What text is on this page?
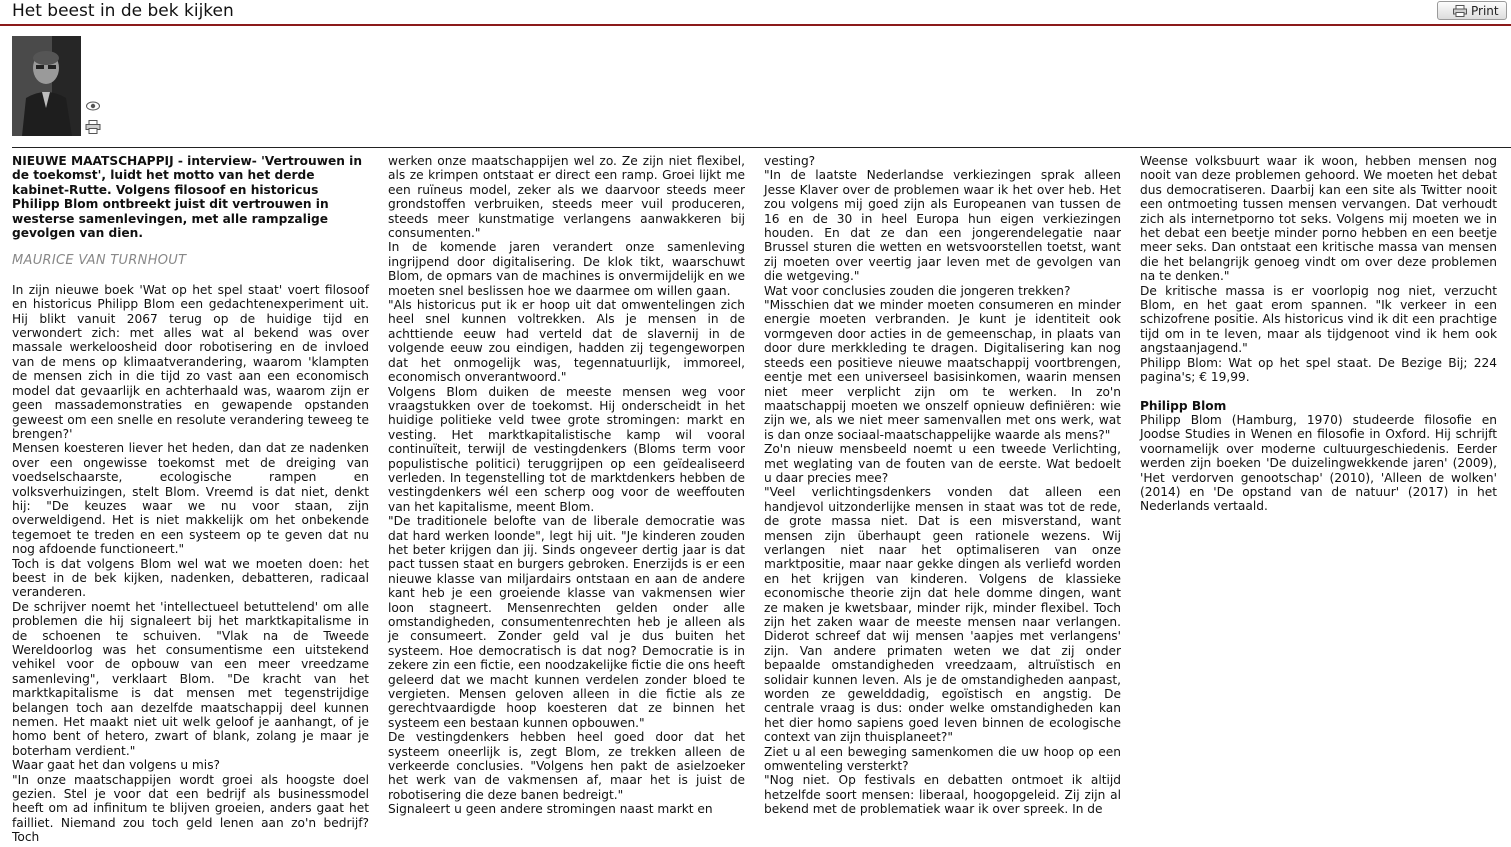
Het beest in de bek kijken	Print

NIEUWE MAATSCHAPPIJ - interview- 'Vertrouwen in de toekomst', luidt het motto van het derde kabinet-Rutte. Volgens filosoof en historicus Philipp Blom ontbreekt juist dit vertrouwen in westerse samenlevingen, met alle rampzalige gevolgen van dien.

MAURICE VAN TURNHOUT

In zijn nieuwe boek 'Wat op het spel staat' voert filosoof en historicus Philipp Blom een gedachtenexperiment uit. Hij blikt vanuit 2067 terug op de huidige tijd en verwondert zich: met alles wat al bekend was over massale werkeloosheid door robotisering en de invloed van de mens op klimaatverandering, waarom 'klampten de mensen zich in die tijd zo vast aan een economisch model dat gevaarlijk en achterhaald was, waarom zijn er geen massademonstraties en gewapende opstanden geweest om een snelle en resolute verandering teweeg te brengen?'

Mensen koesteren liever het heden, dan dat ze nadenken over een ongewisse toekomst met de dreiging van voedselschaarste, ecologische rampen en volksverhuizingen, stelt Blom. Vreemd is dat niet, denkt hij: "De keuzes waar we nu voor staan, zijn overweldigend. Het is niet makkelijk om het onbekende tegemoet te treden en een systeem op te geven dat nu nog afdoende functioneert."

Toch is dat volgens Blom wel wat we moeten doen: het beest in de bek kijken, nadenken, debatteren, radicaal veranderen.

De schrijver noemt het 'intellectueel betuttelend' om alle problemen die hij signaleert bij het marktkapitalisme in de schoenen te schuiven. "Vlak na de Tweede Wereldoorlog was het consumentisme een uitstekend vehikel voor de opbouw van een meer vreedzame samenleving", verklaart Blom. "De kracht van het marktkapitalisme is dat mensen met tegenstrijdige belangen toch aan dezelfde maatschappij deel kunnen nemen. Het maakt niet uit welk geloof je aanhangt, of je homo bent of hetero, zwart of blank, zolang je maar je boterham verdient."

Waar gaat het dan volgens u mis?

"In onze maatschappijen wordt groei als hoogste doel gezien. Stel je voor dat een bedrijf als businessmodel heeft om ad infinitum te blijven groeien, anders gaat het failliet. Niemand zou toch geld lenen aan zo'n bedrijf? Toch

werken onze maatschappijen wel zo. Ze zijn niet flexibel, als ze krimpen ontstaat er direct een ramp. Groei lijkt me een ruïneus model, zeker als we daarvoor steeds meer grondstoffen verbruiken, steeds meer vuil produceren, steeds meer kunstmatige verlangens aanwakkeren bij consumenten."

In de komende jaren verandert onze samenleving ingrijpend door digitalisering. De klok tikt, waarschuwt Blom, de opmars van de machines is onvermijdelijk en we moeten snel beslissen hoe we daarmee om willen gaan.

"Als historicus put ik er hoop uit dat omwentelingen zich heel snel kunnen voltrekken. Als je mensen in de achttiende eeuw had verteld dat de slavernij in de volgende eeuw zou eindigen, hadden zij tegengeworpen dat het onmogelijk was, tegennatuurlijk, immoreel, economisch onverantwoord."

Volgens Blom duiken de meeste mensen weg voor vraagstukken over de toekomst. Hij onderscheidt in het huidige politieke veld twee grote stromingen: markt en vesting. Het marktkapitalistische kamp wil vooral continuïteit, terwijl de vestingdenkers (Bloms term voor populistische politici) teruggrijpen op een geïdealiseerd verleden. In tegenstelling tot de marktdenkers hebben de vestingdenkers wél een scherp oog voor de weeffouten van het kapitalisme, meent Blom.

"De traditionele belofte van de liberale democratie was dat hard werken loonde", legt hij uit. "Je kinderen zouden het beter krijgen dan jij. Sinds ongeveer dertig jaar is dat pact tussen staat en burgers gebroken. Enerzijds is er een nieuwe klasse van miljardairs ontstaan en aan de andere kant heb je een groeiende klasse van vakmensen wier loon stagneert. Mensenrechten gelden onder alle omstandigheden, consumentenrechten heb je alleen als je consumeert. Zonder geld val je dus buiten het systeem. Hoe democratisch is dat nog? Democratie is in zekere zin een fictie, een noodzakelijke fictie die ons heeft geleerd dat we macht kunnen verdelen zonder bloed te vergieten. Mensen geloven alleen in die fictie als ze gerechtvaardigde hoop koesteren dat ze binnen het systeem een bestaan kunnen opbouwen."

De vestingdenkers hebben heel goed door dat het systeem oneerlijk is, zegt Blom, ze trekken alleen de verkeerde conclusies. "Volgens hen pakt de asielzoeker het werk van de vakmensen af, maar het is juist de robotisering die deze banen bedreigt."

Signaleert u geen andere stromingen naast markt en

vesting?

"In de laatste Nederlandse verkiezingen sprak alleen Jesse Klaver over de problemen waar ik het over heb. Het zou volgens mij goed zijn als Europeanen van tussen de 16 en de 30 in heel Europa hun eigen verkiezingen houden. En dat ze dan een jongerendelegatie naar Brussel sturen die wetten en wetsvoorstellen toetst, want zij moeten over veertig jaar leven met de gevolgen van die wetgeving."

Wat voor conclusies zouden die jongeren trekken?

"Misschien dat we minder moeten consumeren en minder energie moeten verbranden. Je kunt je identiteit ook vormgeven door acties in de gemeenschap, in plaats van door dure merkkleding te dragen. Digitalisering kan nog steeds een positieve nieuwe maatschappij voortbrengen, eentje met een universeel basisinkomen, waarin mensen niet meer verplicht zijn om te werken. In zo'n maatschappij moeten we onszelf opnieuw definiëren: wie zijn we, als we niet meer samenvallen met ons werk, wat is dan onze sociaal-maatschappelijke waarde als mens?"

Zo'n nieuw mensbeeld noemt u een tweede Verlichting, met weglating van de fouten van de eerste. Wat bedoelt u daar precies mee?

"Veel verlichtingsdenkers vonden dat alleen een handjevol uitzonderlijke mensen in staat was tot de rede, de grote massa niet. Dat is een misverstand, want mensen zijn überhaupt geen rationele wezens. Wij verlangen niet naar het optimaliseren van onze marktpositie, maar naar gekke dingen als verliefd worden en het krijgen van kinderen. Volgens de klassieke economische theorie zijn dat hele domme dingen, want ze maken je kwetsbaar, minder rijk, minder flexibel. Toch zijn het zaken waar de meeste mensen naar verlangen. Diderot schreef dat wij mensen 'aapjes met verlangens' zijn. Van andere primaten weten we dat zij onder bepaalde omstandigheden vreedzaam, altruïstisch en solidair kunnen leven. Als je de omstandigheden aanpast, worden ze gewelddadig, egoïstisch en angstig. De centrale vraag is dus: onder welke omstandigheden kan het dier homo sapiens goed leven binnen de ecologische context van zijn thuisplaneet?"

Ziet u al een beweging samenkomen die uw hoop op een omwenteling versterkt?

"Nog niet. Op festivals en debatten ontmoet ik altijd hetzelfde soort mensen: liberaal, hoogopgeleid. Zij zijn al bekend met de problematiek waar ik over spreek. In de

Weense volksbuurt waar ik woon, hebben mensen nog nooit van deze problemen gehoord. We moeten het debat dus democratiseren. Daarbij kan een site als Twitter nooit een ontmoeting tussen mensen vervangen. Dat verhoudt zich als internetporno tot seks. Volgens mij moeten we in het debat een beetje minder porno hebben en een beetje meer seks. Dan ontstaat een kritische massa van mensen die het belangrijk genoeg vindt om over deze problemen na te denken."

De kritische massa is er voorlopig nog niet, verzucht Blom, en het gaat erom spannen. "Ik verkeer in een schizofrene positie. Als historicus vind ik dit een prachtige tijd om in te leven, maar als tijdgenoot vind ik hem ook angstaanjagend."

Philipp Blom: Wat op het spel staat. De Bezige Bij; 224 pagina's; € 19,99.

Philipp Blom

Philipp Blom (Hamburg, 1970) studeerde filosofie en Joodse Studies in Wenen en filosofie in Oxford. Hij schrijft voornamelijk over moderne cultuurgeschiedenis. Eerder werden zijn boeken 'De duizelingwekkende jaren' (2009), 'Het verdorven genootschap' (2010), 'Alleen de wolken' (2014) en 'De opstand van de natuur' (2017) in het Nederlands vertaald.
